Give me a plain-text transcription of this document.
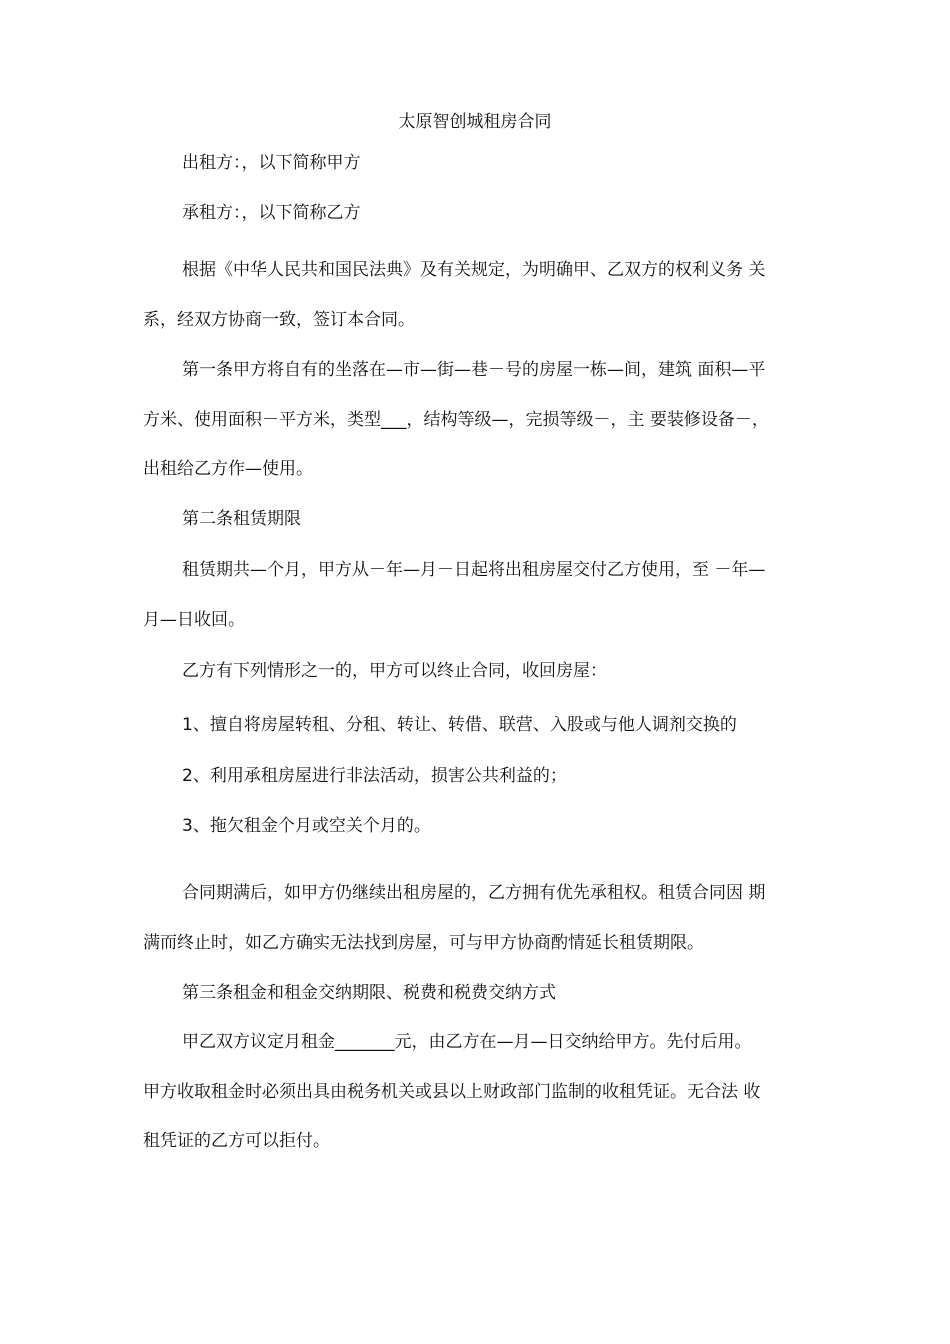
太原智创城租房合同
出租方：，以下简称甲方
承租方：，以下简称乙方
根据《中华人民共和国民法典》及有关规定，为明确甲、乙双方的权利义务 关
系，经双方协商一致，签订本合同。
第一条甲方将自有的坐落在—市—街—巷－号的房屋一栋—间，建筑 面积—平
方米、使用面积－平方米，类型___，结构等级—，完损等级－，主 要装修设备－，
出租给乙方作—使用。
第二条租赁期限
租赁期共—个月，甲方从－年—月－日起将出租房屋交付乙方使用，至 －年—
月—日收回。
乙方有下列情形之一的，甲方可以终止合同，收回房屋：
1、擅自将房屋转租、分租、转让、转借、联营、入股或与他人调剂交换的
2、利用承租房屋进行非法活动，损害公共利益的；
3、拖欠租金个月或空关个月的。
合同期满后，如甲方仍继续出租房屋的，乙方拥有优先承租权。租赁合同因 期
满而终止时，如乙方确实无法找到房屋，可与甲方协商酌情延长租赁期限。
第三条租金和租金交纳期限、税费和税费交纳方式
甲乙双方议定月租金_______元，由乙方在—月—日交纳给甲方。先付后用。
甲方收取租金时必须出具由税务机关或县以上财政部门监制的收租凭证。无合法 收
租凭证的乙方可以拒付。
